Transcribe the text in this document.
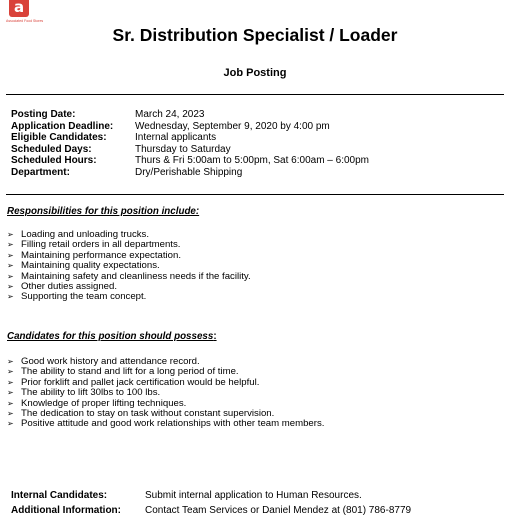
a
Associated Food Stores
Sr. Distribution Specialist / Loader
Job Posting
Posting Date:	March 24, 2023
Application Deadline:	Wednesday, September 9, 2020 by 4:00 pm
Eligible Candidates:	Internal applicants
Scheduled Days:	Thursday to Saturday
Scheduled Hours:	Thurs & Fri 5:00am to 5:00pm, Sat 6:00am – 6:00pm
Department:	Dry/Perishable Shipping
Responsibilities for this position include:
➢ Loading and unloading trucks.
➢ Filling retail orders in all departments.
➢ Maintaining performance expectation.
➢ Maintaining quality expectations.
➢ Maintaining safety and cleanliness needs if the facility.
➢ Other duties assigned.
➢ Supporting the team concept.
Candidates for this position should possess:
➢ Good work history and attendance record.
➢ The ability to stand and lift for a long period of time.
➢ Prior forklift and pallet jack certification would be helpful.
➢ The ability to lift 30lbs to 100 lbs.
➢ Knowledge of proper lifting techniques.
➢ The dedication to stay on task without constant supervision.
➢ Positive attitude and good work relationships with other team members.
Internal Candidates:	Submit internal application to Human Resources.
Additional Information:	Contact Team Services or Daniel Mendez at (801) 786-8779
